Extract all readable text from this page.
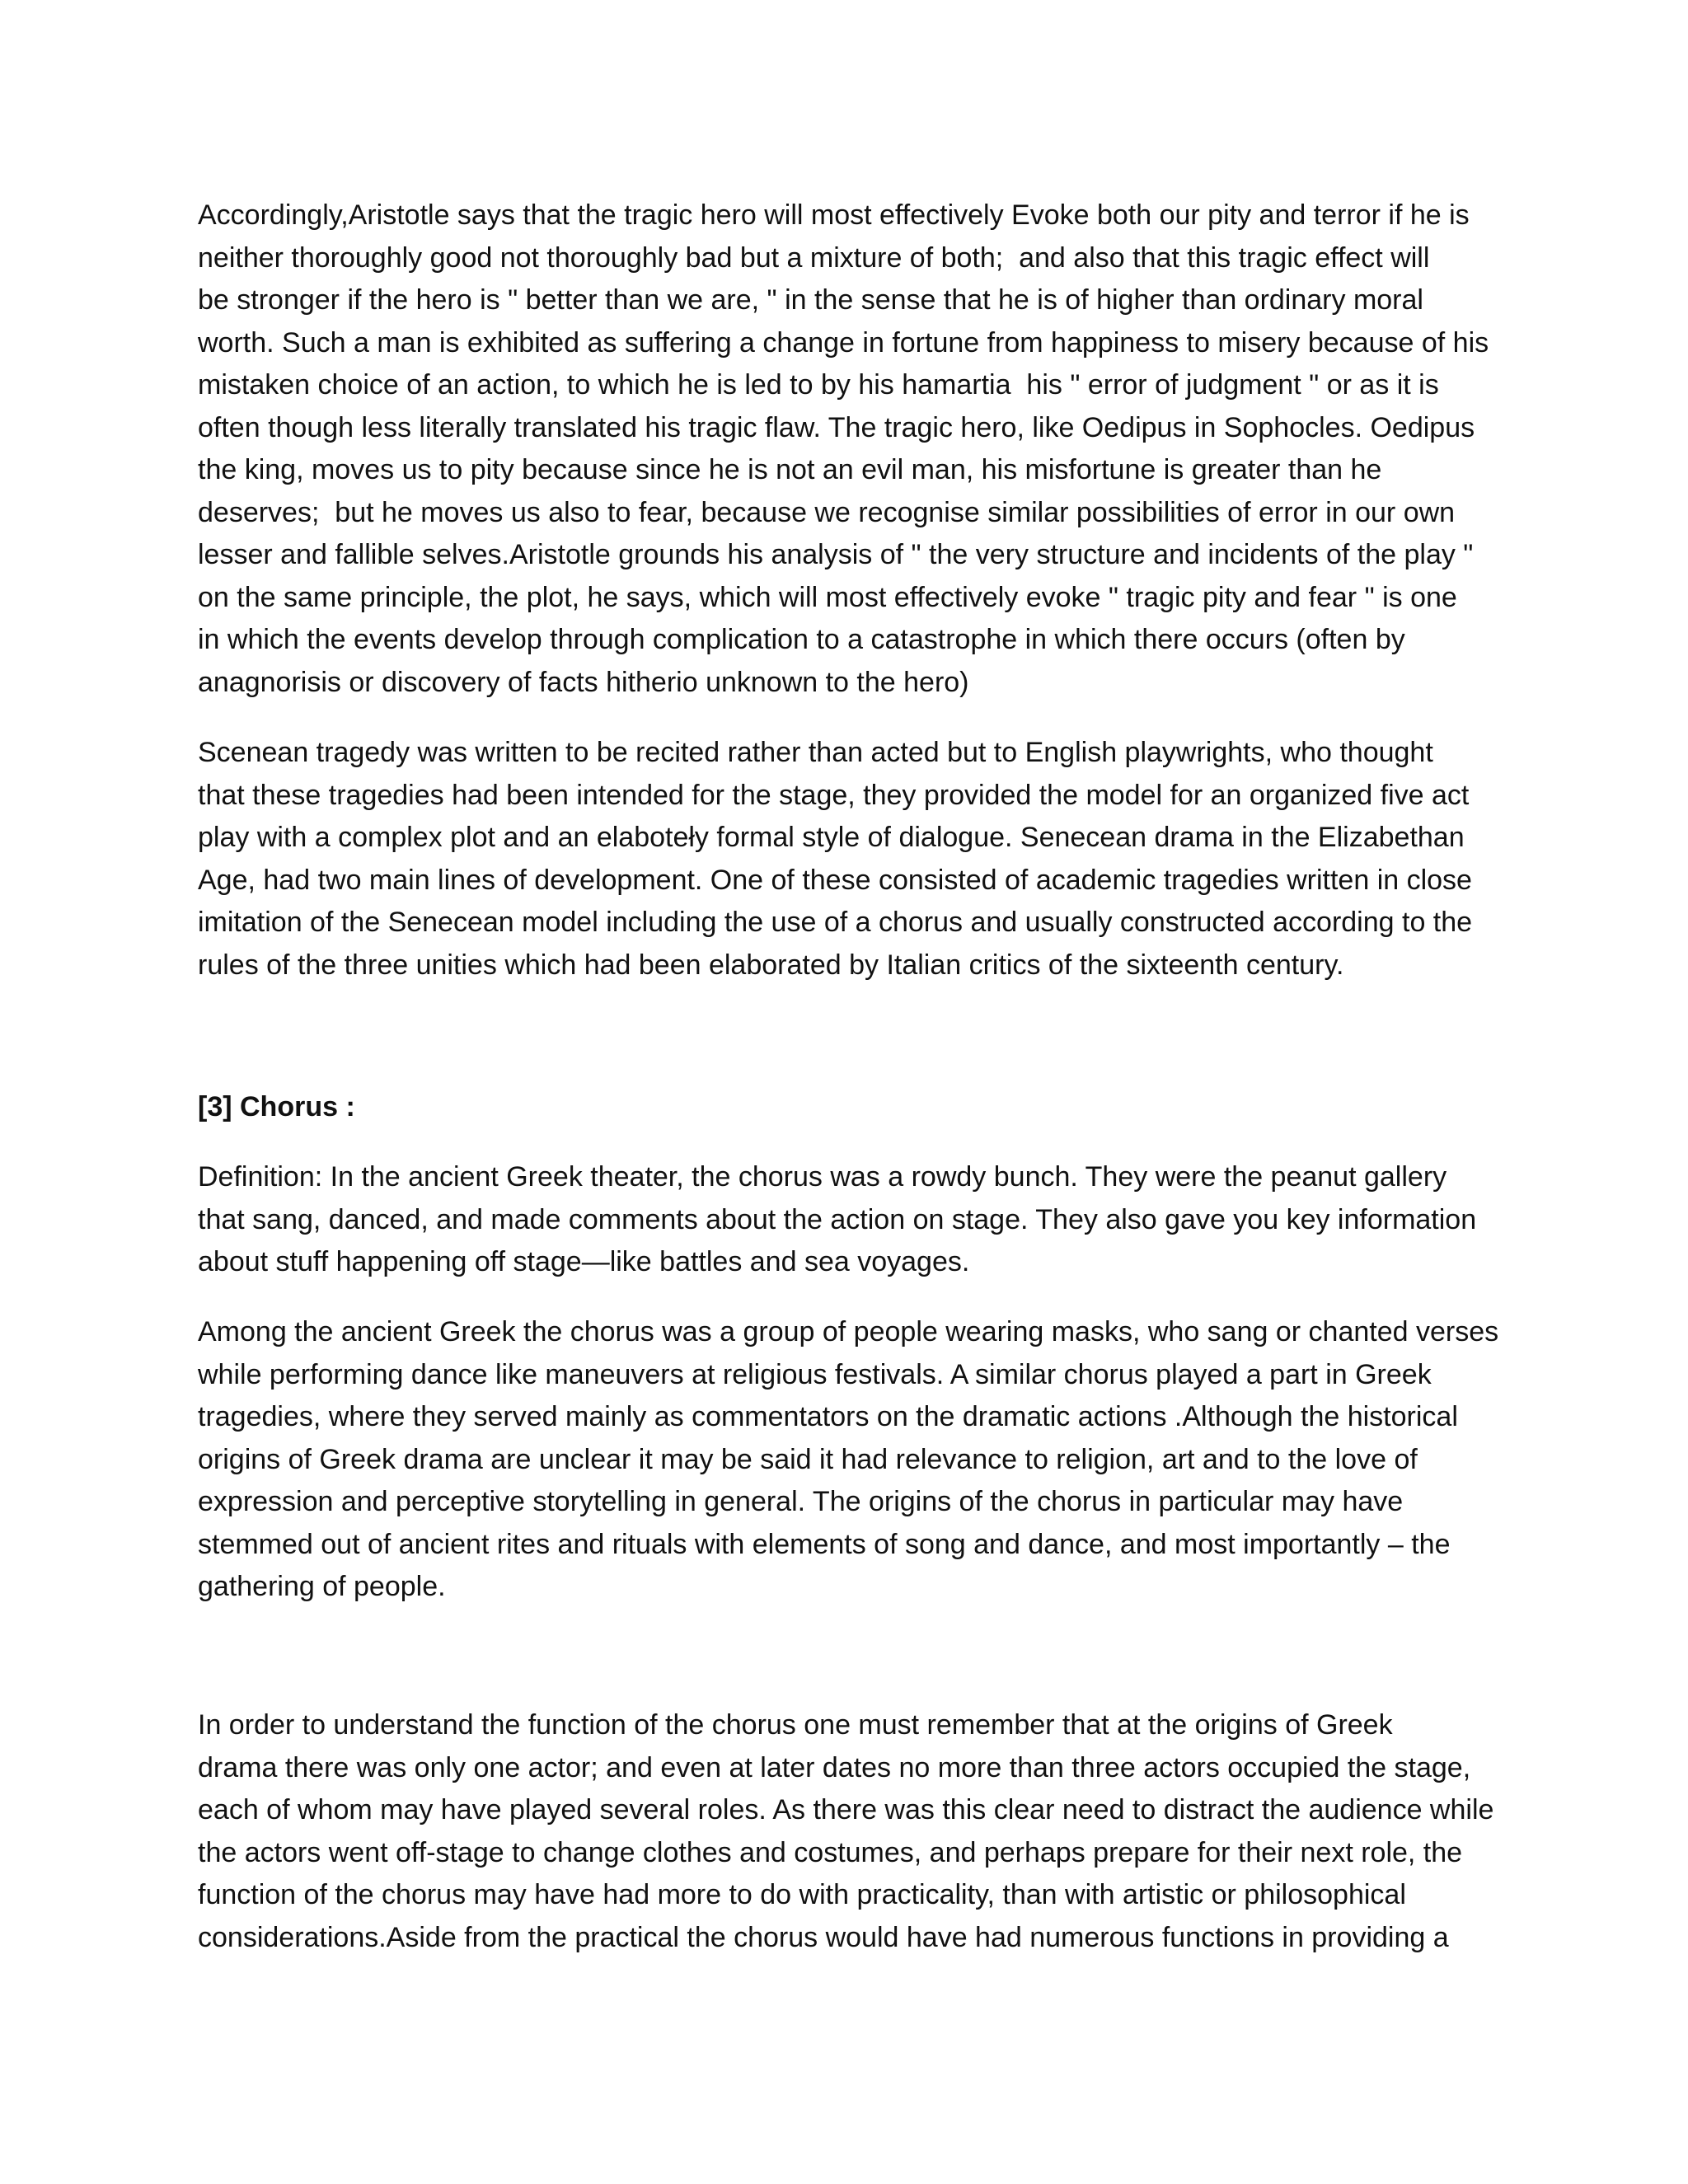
Accordingly,Aristotle says that the tragic hero will most effectively Evoke both our pity and terror if he is
neither thoroughly good not thoroughly bad but a mixture of both;  and also that this tragic effect will
be stronger if the hero is " better than we are, " in the sense that he is of higher than ordinary moral
worth. Such a man is exhibited as suffering a change in fortune from happiness to misery because of his
mistaken choice of an action, to which he is led to by his hamartia  his " error of judgment " or as it is
often though less literally translated his tragic flaw. The tragic hero, like Oedipus in Sophocles. Oedipus
the king, moves us to pity because since he is not an evil man, his misfortune is greater than he
deserves;  but he moves us also to fear, because we recognise similar possibilities of error in our own
lesser and fallible selves.Aristotle grounds his analysis of " the very structure and incidents of the play "
on the same principle, the plot, he says, which will most effectively evoke " tragic pity and fear " is one
in which the events develop through complication to a catastrophe in which there occurs (often by
anagnorisis or discovery of facts hitherio unknown to the hero)

Scenean tragedy was written to be recited rather than acted but to English playwrights, who thought
that these tragedies had been intended for the stage, they provided the model for an organized five act
play with a complex plot and an elaboteły formal style of dialogue. Senecean drama in the Elizabethan
Age, had two main lines of development. One of these consisted of academic tragedies written in close
imitation of the Senecean model including the use of a chorus and usually constructed according to the
rules of the three unities which had been elaborated by Italian critics of the sixteenth century.

[3] Chorus :

Definition: In the ancient Greek theater, the chorus was a rowdy bunch. They were the peanut gallery
that sang, danced, and made comments about the action on stage. They also gave you key information
about stuff happening off stage—like battles and sea voyages.

Among the ancient Greek the chorus was a group of people wearing masks, who sang or chanted verses
while performing dance like maneuvers at religious festivals. A similar chorus played a part in Greek
tragedies, where they served mainly as commentators on the dramatic actions .Although the historical
origins of Greek drama are unclear it may be said it had relevance to religion, art and to the love of
expression and perceptive storytelling in general. The origins of the chorus in particular may have
stemmed out of ancient rites and rituals with elements of song and dance, and most importantly – the
gathering of people.

In order to understand the function of the chorus one must remember that at the origins of Greek
drama there was only one actor; and even at later dates no more than three actors occupied the stage,
each of whom may have played several roles. As there was this clear need to distract the audience while
the actors went off-stage to change clothes and costumes, and perhaps prepare for their next role, the
function of the chorus may have had more to do with practicality, than with artistic or philosophical
considerations.Aside from the practical the chorus would have had numerous functions in providing a
